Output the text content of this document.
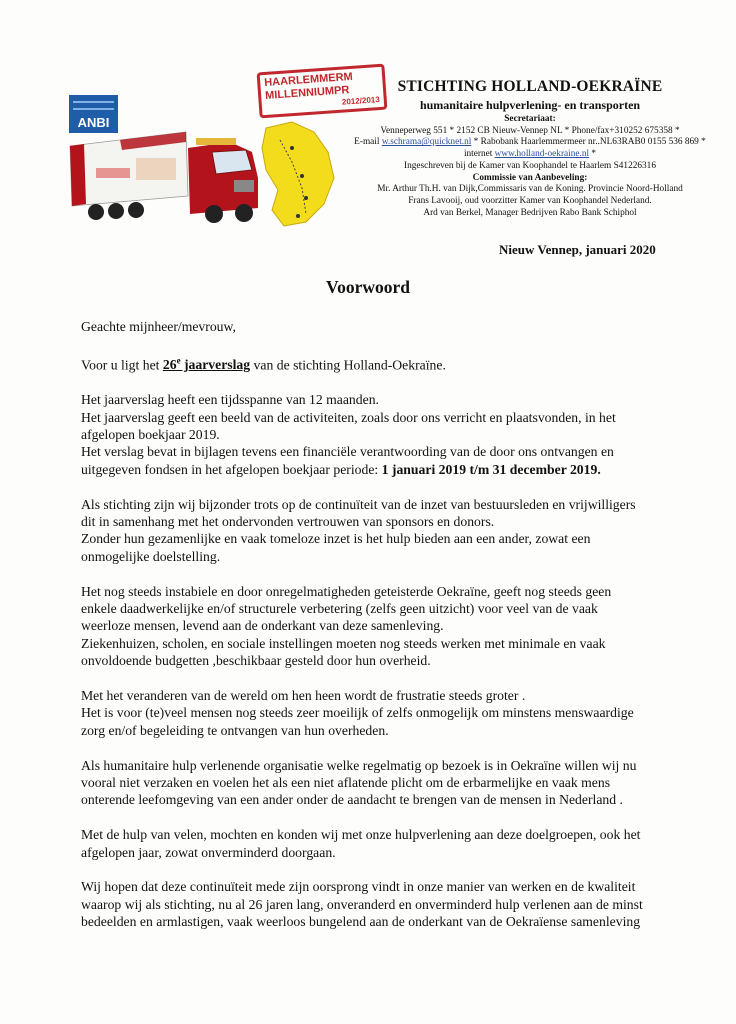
ANBI
HAARLEMMERM
MILLENNIUMPR
2012/2013
STICHTING HOLLAND-OEKRAÏNE
humanitaire hulpverlening- en transporten
Secretariaat:
Venneperweg 551 * 2152 CB Nieuw-Vennep NL * Phone/fax+310252 675358 *
E-mail w.schrama@quicknet.nl * Rabobank Haarlemmermeer nr..NL63RAB0 0155 536 869 *
internet www.holland-oekraine.nl *
Ingeschreven bij de Kamer van Koophandel te Haarlem S41226316
Commissie van Aanbeveling:
Mr. Arthur Th.H. van Dijk,Commissaris van de Koning. Provincie Noord-Holland
Frans Lavooij, oud voorzitter Kamer van Koophandel Nederland.
Ard van Berkel, Manager Bedrijven Rabo Bank Schiphol
Nieuw Vennep, januari 2020
Voorwoord

Geachte mijnheer/mevrouw,

Voor u ligt het 26e jaarverslag van de stichting Holland-Oekraïne.

Het jaarverslag heeft een tijdsspanne van 12 maanden.

Het jaarverslag geeft een beeld van de activiteiten, zoals door ons verricht en plaatsvonden, in het

afgelopen boekjaar 2019.

Het verslag bevat in bijlagen tevens een financiële verantwoording van de door ons ontvangen en

uitgegeven fondsen in het afgelopen boekjaar periode: 1 januari 2019 t/m 31 december 2019.

Als stichting zijn wij bijzonder trots op de continuïteit van de inzet van bestuursleden en vrijwilligers

dit in samenhang met het ondervonden vertrouwen van sponsors en donors.

Zonder hun gezamenlijke en vaak tomeloze inzet is het hulp bieden aan een ander, zowat een

onmogelijke doelstelling.

Het nog steeds instabiele en door onregelmatigheden geteisterde Oekraïne, geeft nog steeds geen

enkele daadwerkelijke en/of structurele verbetering (zelfs geen uitzicht) voor veel van de vaak

weerloze mensen, levend aan de onderkant van deze samenleving.

Ziekenhuizen, scholen, en sociale instellingen moeten nog steeds werken met minimale en vaak

onvoldoende budgetten ,beschikbaar gesteld door hun overheid.

Met het veranderen van de wereld om hen heen wordt de frustratie steeds groter .

Het is voor (te)veel mensen nog steeds zeer moeilijk of zelfs onmogelijk om minstens menswaardige

zorg en/of begeleiding te ontvangen van hun overheden.

Als humanitaire hulp verlenende organisatie welke regelmatig op bezoek is in Oekraïne willen wij nu

vooral niet verzaken en voelen het als een niet aflatende plicht om de erbarmelijke en vaak mens

onterende leefomgeving van een ander onder de aandacht te brengen van de mensen in Nederland .

Met de hulp van velen, mochten en konden wij met onze hulpverlening aan deze doelgroepen, ook het

afgelopen jaar, zowat onverminderd doorgaan.

Wij hopen dat deze continuïteit mede zijn oorsprong vindt in onze manier van werken en de kwaliteit

waarop wij als stichting, nu al 26 jaren lang, onveranderd en onverminderd hulp verlenen aan de minst

bedeelden en armlastigen, vaak weerloos bungelend aan de onderkant van de Oekraïense samenleving
